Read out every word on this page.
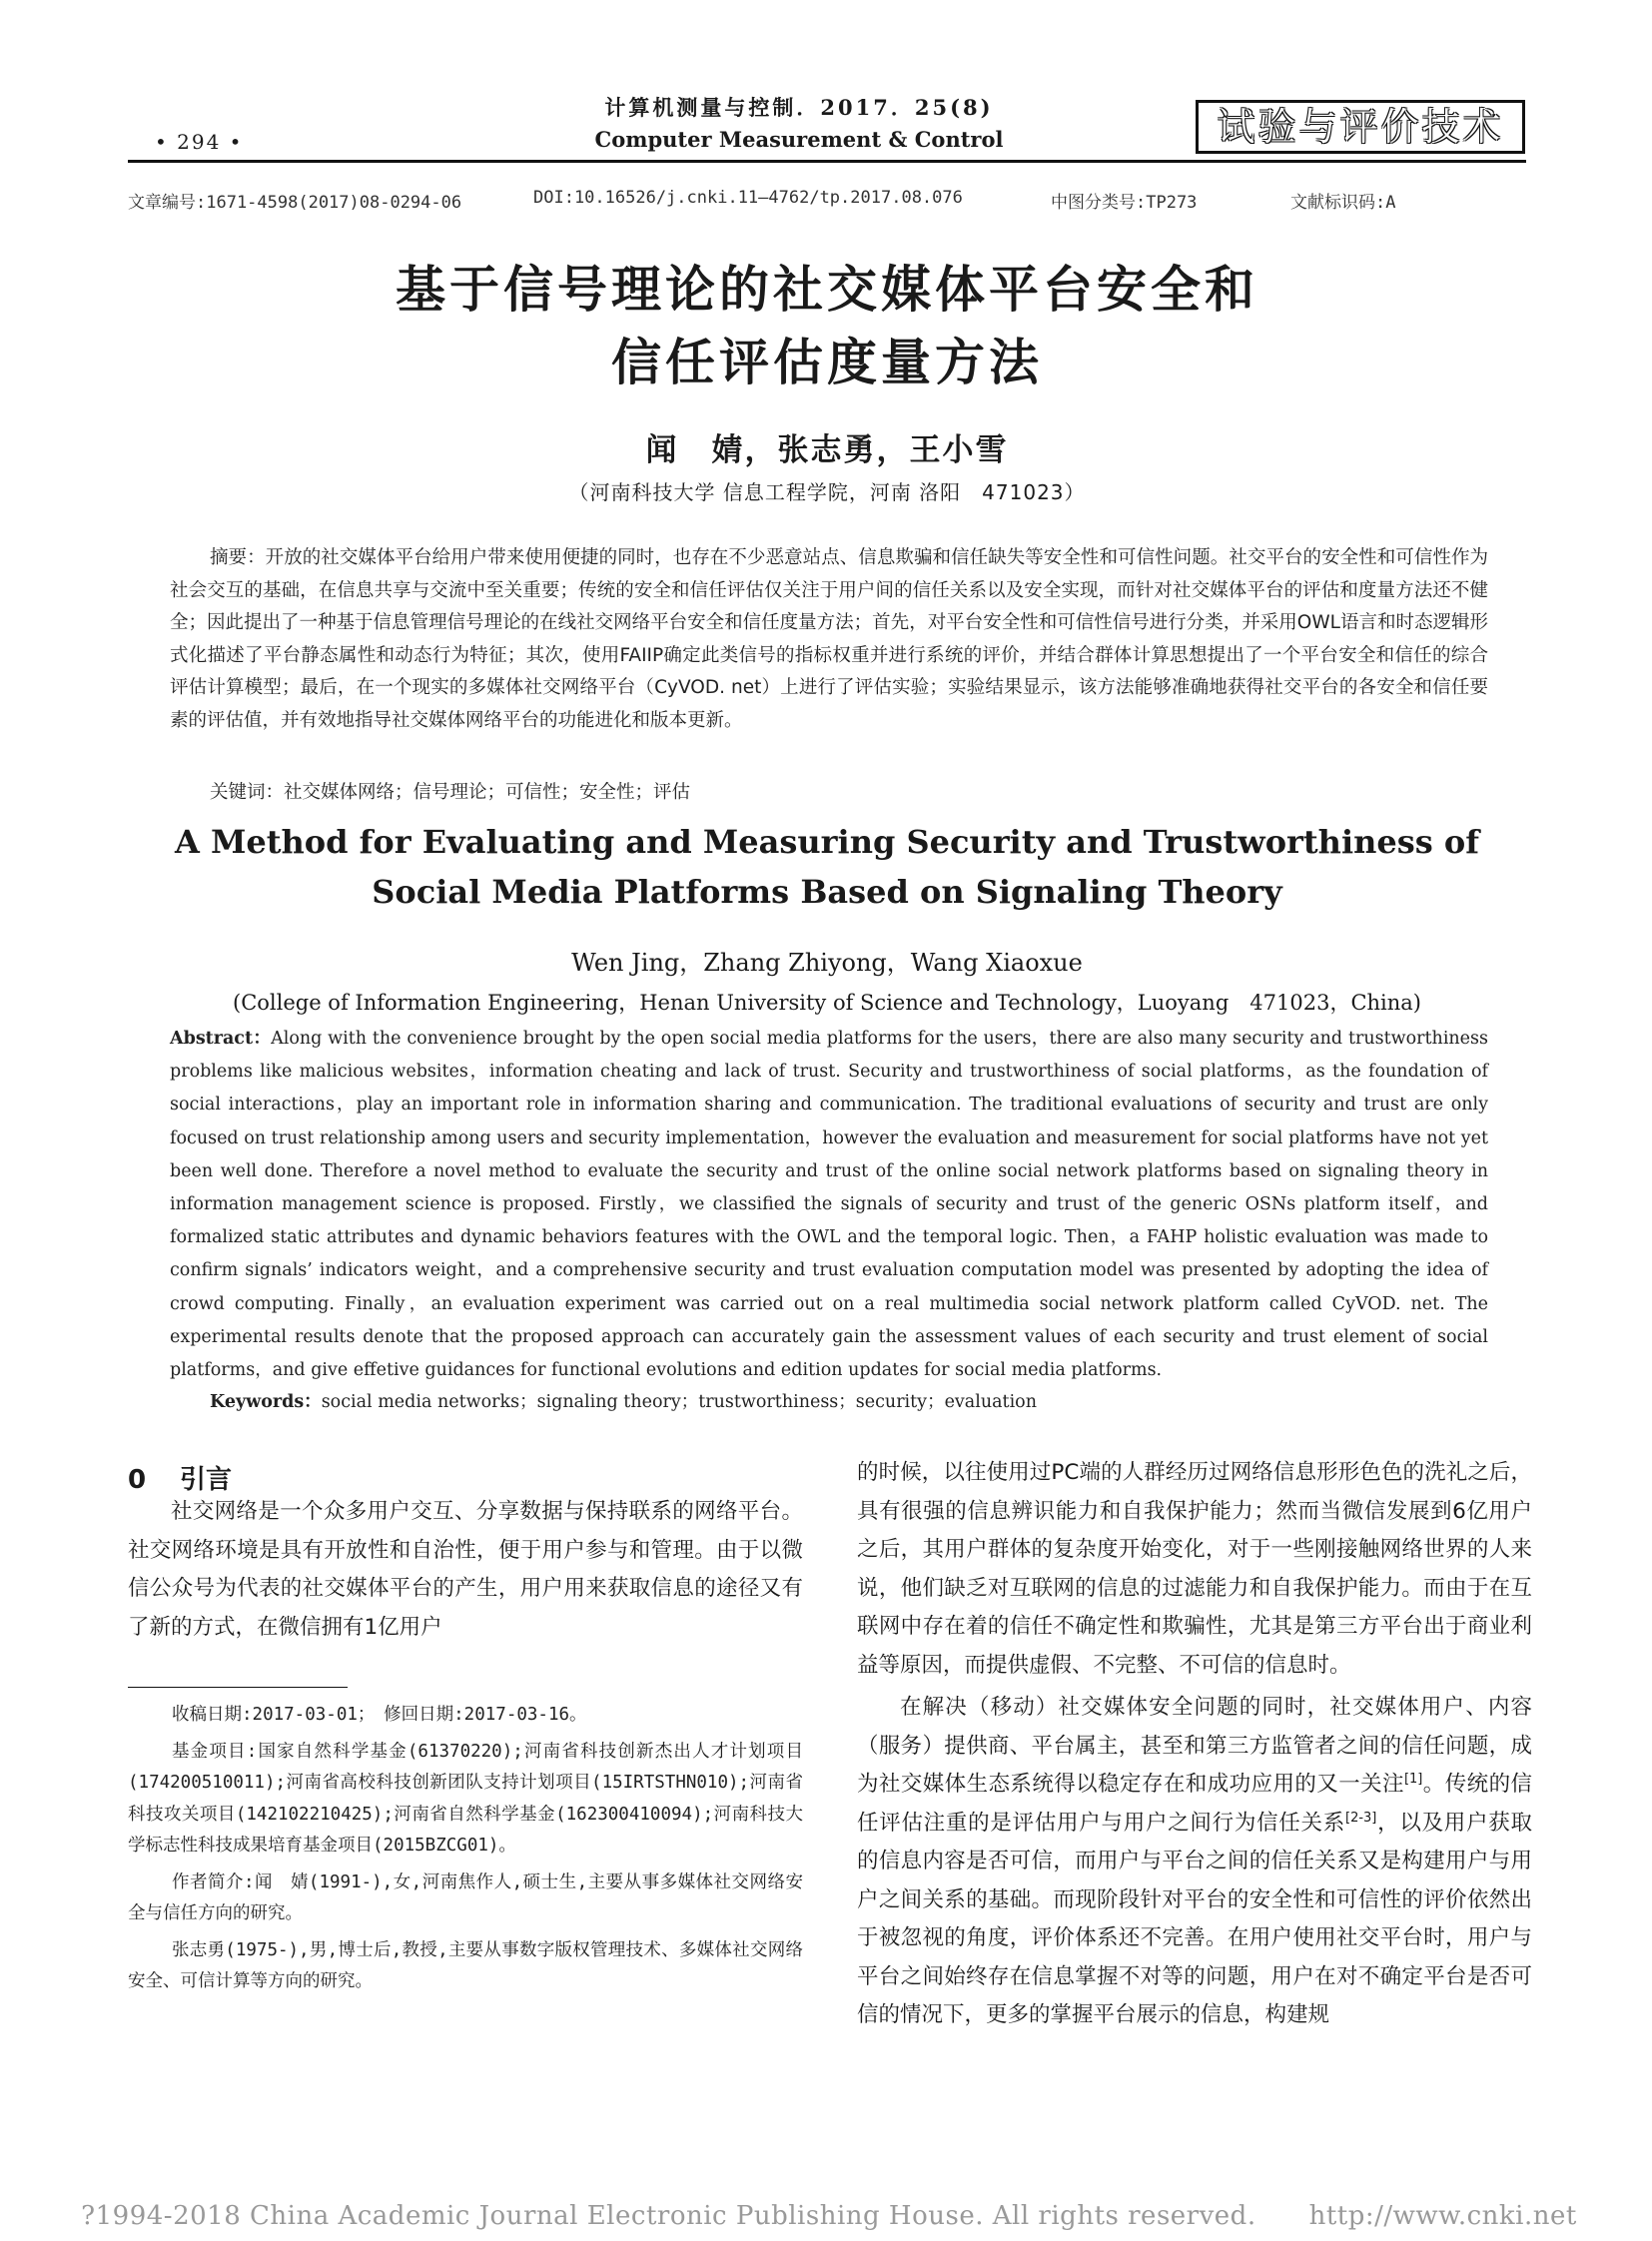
• 294 •
计算机测量与控制．2017．25(8)
Computer Measurement & Control	试验与评价技术
文章编号:1671-4598(2017)08-0294-06	DOI:10.16526/j.cnki.11—4762/tp.2017.08.076	中图分类号:TP273	文献标识码:A
基于信号理论的社交媒体平台安全和
信任评估度量方法
闻　婧，张志勇，王小雪
（河南科技大学 信息工程学院，河南 洛阳　471023）
摘要：开放的社交媒体平台给用户带来使用便捷的同时，也存在不少恶意站点、信息欺骗和信任缺失等安全性和可信性问题。社交平台的安全性和可信性作为社会交互的基础，在信息共享与交流中至关重要；传统的安全和信任评估仅关注于用户间的信任关系以及安全实现，而针对社交媒体平台的评估和度量方法还不健全；因此提出了一种基于信息管理信号理论的在线社交网络平台安全和信任度量方法；首先，对平台安全性和可信性信号进行分类，并采用OWL语言和时态逻辑形式化描述了平台静态属性和动态行为特征；其次，使用FAIIP确定此类信号的指标权重并进行系统的评价，并结合群体计算思想提出了一个平台安全和信任的综合评估计算模型；最后，在一个现实的多媒体社交网络平台（CyVOD. net）上进行了评估实验；实验结果显示，该方法能够准确地获得社交平台的各安全和信任要素的评估值，并有效地指导社交媒体网络平台的功能进化和版本更新。
关键词：社交媒体网络；信号理论；可信性；安全性；评估
A Method for Evaluating and Measuring Security and Trustworthiness of
Social Media Platforms Based on Signaling Theory
Wen Jing，Zhang Zhiyong，Wang Xiaoxue
(College of Information Engineering，Henan University of Science and Technology，Luoyang　471023，China)
Abstract：Along with the convenience brought by the open social media platforms for the users，there are also many security and trustworthiness problems like malicious websites，information cheating and lack of trust. Security and trustworthiness of social platforms，as the foundation of social interactions，play an important role in information sharing and communication. The traditional evaluations of security and trust are only focused on trust relationship among users and security implementation，however the evaluation and measurement for social platforms have not yet been well done. Therefore a novel method to evaluate the security and trust of the online social network platforms based on signaling theory in information management science is proposed. Firstly，we classified the signals of security and trust of the generic OSNs platform itself，and formalized static attributes and dynamic behaviors features with the OWL and the temporal logic. Then，a FAHP holistic evaluation was made to confirm signals’ indicators weight，and a comprehensive security and trust evaluation computation model was presented by adopting the idea of crowd computing. Finally，an evaluation experiment was carried out on a real multimedia social network platform called CyVOD. net. The experimental results denote that the proposed approach can accurately gain the assessment values of each security and trust element of social platforms，and give effetive guidances for functional evolutions and edition updates for social media platforms.
Keywords：social media networks；signaling theory；trustworthiness；security；evaluation
0 引言
社交网络是一个众多用户交互、分享数据与保持联系的网络平台。社交网络环境是具有开放性和自治性，便于用户参与和管理。由于以微信公众号为代表的社交媒体平台的产生，用户用来获取信息的途径又有了新的方式，在微信拥有1亿用户

收稿日期:2017-03-01；　修回日期:2017-03-16。

基金项目:国家自然科学基金(61370220);河南省科技创新杰出人才计划项目(174200510011);河南省高校科技创新团队支持计划项目(15IRTSTHN010);河南省科技攻关项目(142102210425);河南省自然科学基金(162300410094);河南科技大学标志性科技成果培育基金项目(2015BZCG01)。

作者简介:闻　婧(1991-),女,河南焦作人,硕士生,主要从事多媒体社交网络安全与信任方向的研究。

张志勇(1975-),男,博士后,教授,主要从事数字版权管理技术、多媒体社交网络安全、可信计算等方向的研究。

的时候，以往使用过PC端的人群经历过网络信息形形色色的洗礼之后，具有很强的信息辨识能力和自我保护能力；然而当微信发展到6亿用户之后，其用户群体的复杂度开始变化，对于一些刚接触网络世界的人来说，他们缺乏对互联网的信息的过滤能力和自我保护能力。而由于在互联网中存在着的信任不确定性和欺骗性，尤其是第三方平台出于商业利益等原因，而提供虚假、不完整、不可信的信息时。

在解决（移动）社交媒体安全问题的同时，社交媒体用户、内容（服务）提供商、平台属主，甚至和第三方监管者之间的信任问题，成为社交媒体生态系统得以稳定存在和成功应用的又一关注[1]。传统的信任评估注重的是评估用户与用户之间行为信任关系[2-3]，以及用户获取的信息内容是否可信，而用户与平台之间的信任关系又是构建用户与用户之间关系的基础。而现阶段针对平台的安全性和可信性的评价依然出于被忽视的角度，评价体系还不完善。在用户使用社交平台时，用户与平台之间始终存在信息掌握不对等的问题，用户在对不确定平台是否可信的情况下，更多的掌握平台展示的信息，构建规

?1994-2018 China Academic Journal Electronic Publishing House. All rights reserved.　　http://www.cnki.net
